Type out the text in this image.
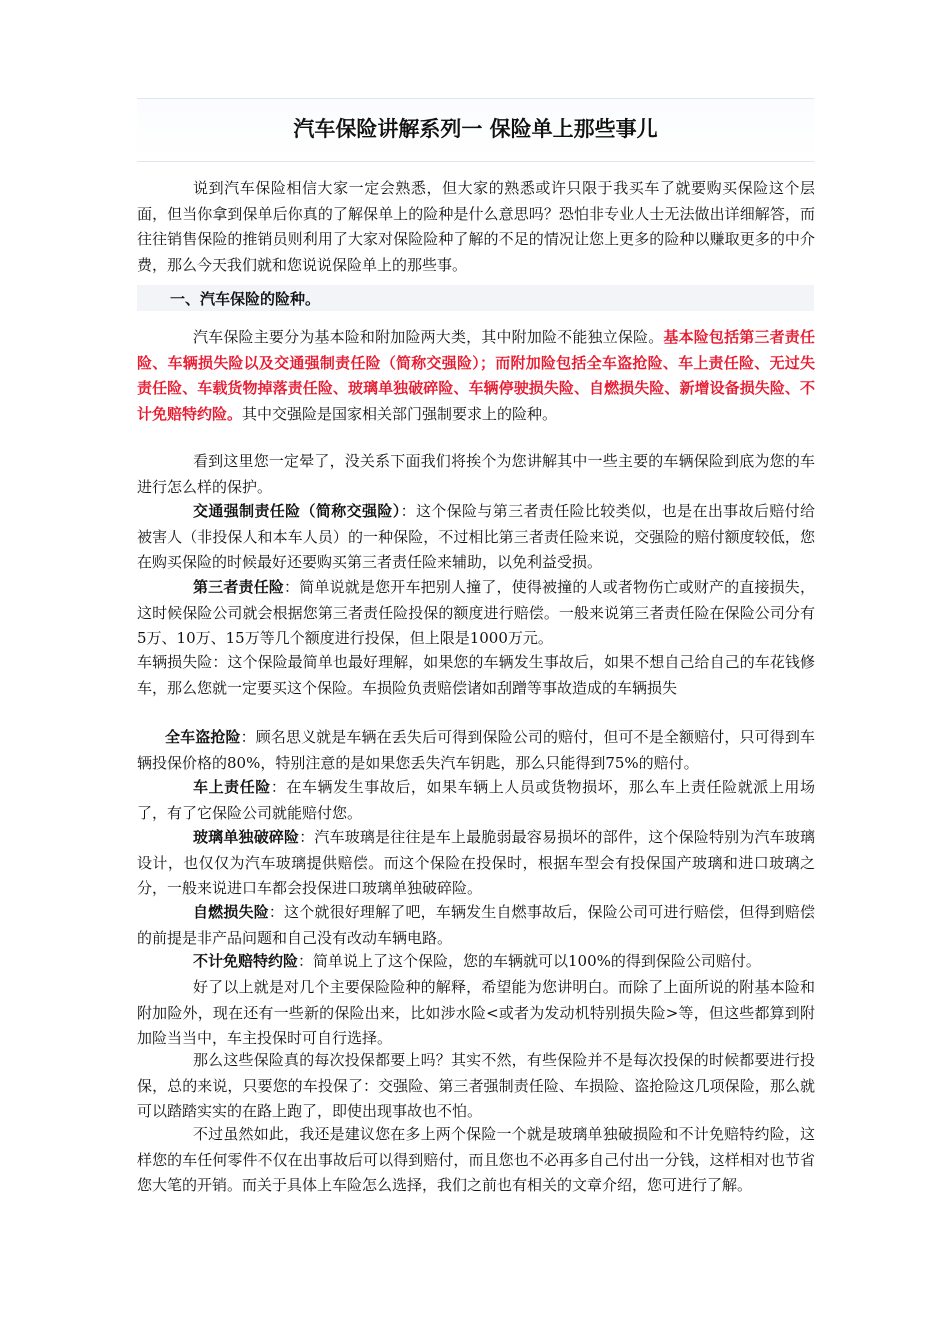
汽车保险讲解系列一 保险单上那些事儿

说到汽车保险相信大家一定会熟悉，但大家的熟悉或许只限于我买车了就要购买保险这个层面，但当你拿到保单后你真的了解保单上的险种是什么意思吗？恐怕非专业人士无法做出详细解答，而往往销售保险的推销员则利用了大家对保险险种了解的不足的情况让您上更多的险种以赚取更多的中介费，那么今天我们就和您说说保险单上的那些事。

一、汽车保险的险种。

汽车保险主要分为基本险和附加险两大类，其中附加险不能独立保险。基本险包括第三者责任险、车辆损失险以及交通强制责任险（简称交强险）；而附加险包括全车盗抢险、车上责任险、无过失责任险、车载货物掉落责任险、玻璃单独破碎险、车辆停驶损失险、自燃损失险、新增设备损失险、不计免赔特约险。其中交强险是国家相关部门强制要求上的险种。

看到这里您一定晕了，没关系下面我们将挨个为您讲解其中一些主要的车辆保险到底为您的车进行怎么样的保护。

交通强制责任险（简称交强险）：这个保险与第三者责任险比较类似，也是在出事故后赔付给被害人（非投保人和本车人员）的一种保险，不过相比第三者责任险来说，交强险的赔付额度较低，您在购买保险的时候最好还要购买第三者责任险来辅助，以免利益受损。

第三者责任险：简单说就是您开车把别人撞了，使得被撞的人或者物伤亡或财产的直接损失，这时候保险公司就会根据您第三者责任险投保的额度进行赔偿。一般来说第三者责任险在保险公司分有5万、10万、15万等几个额度进行投保，但上限是1000万元。

车辆损失险：这个保险最简单也最好理解，如果您的车辆发生事故后，如果不想自己给自己的车花钱修车，那么您就一定要买这个保险。车损险负责赔偿诸如刮蹭等事故造成的车辆损失

全车盗抢险：顾名思义就是车辆在丢失后可得到保险公司的赔付，但可不是全额赔付，只可得到车辆投保价格的80%，特别注意的是如果您丢失汽车钥匙，那么只能得到75%的赔付。

车上责任险：在车辆发生事故后，如果车辆上人员或货物损坏，那么车上责任险就派上用场了，有了它保险公司就能赔付您。

玻璃单独破碎险：汽车玻璃是往往是车上最脆弱最容易损坏的部件，这个保险特别为汽车玻璃设计，也仅仅为汽车玻璃提供赔偿。而这个保险在投保时，根据车型会有投保国产玻璃和进口玻璃之分，一般来说进口车都会投保进口玻璃单独破碎险。

自燃损失险：这个就很好理解了吧，车辆发生自燃事故后，保险公司可进行赔偿，但得到赔偿的前提是非产品问题和自己没有改动车辆电路。

不计免赔特约险：简单说上了这个保险，您的车辆就可以100%的得到保险公司赔付。

好了以上就是对几个主要保险险种的解释，希望能为您讲明白。而除了上面所说的附基本险和附加险外，现在还有一些新的保险出来，比如涉水险<或者为发动机特别损失险>等，但这些都算到附加险当当中，车主投保时可自行选择。

那么这些保险真的每次投保都要上吗？其实不然，有些保险并不是每次投保的时候都要进行投保，总的来说，只要您的车投保了：交强险、第三者强制责任险、车损险、盗抢险这几项保险，那么就可以踏踏实实的在路上跑了，即使出现事故也不怕。

不过虽然如此，我还是建议您在多上两个保险一个就是玻璃单独破损险和不计免赔特约险，这样您的车任何零件不仅在出事故后可以得到赔付，而且您也不必再多自己付出一分钱，这样相对也节省您大笔的开销。而关于具体上车险怎么选择，我们之前也有相关的文章介绍，您可进行了解。
